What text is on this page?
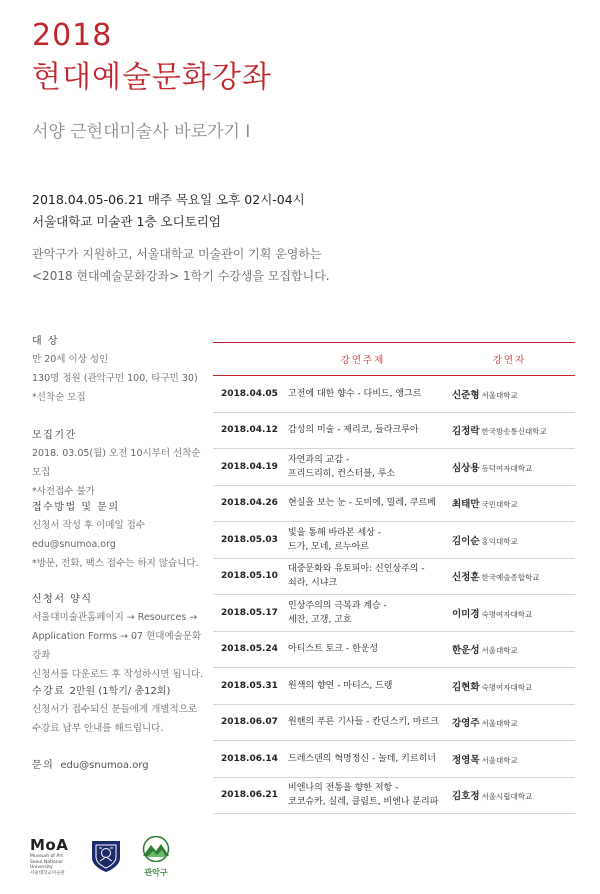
2018
현대예술문화강좌
서양 근현대미술사 바로가기 Ⅰ
2018.04.05-06.21 매주 목요일 오후 02시-04시
서울대학교 미술관 1층 오디토리엄
관악구가 지원하고, 서울대학교 미술관이 기획 운영하는
<2018 현대예술문화강좌> 1학기 수강생을 모집합니다.
대 상
만 20세 이상 성인
130명 정원 (관악구민 100, 타구민 30)
*선착순 모집
모집기간
2018. 03.05(월) 오전 10시부터 선착순 모집
*사전접수 불가
접수방법 및 문의
신청서 작성 후 이메일 접수
edu@snumoa.org
*방문, 전화, 팩스 접수는 하지 않습니다.
신청서 양식
서울대미술관홈페이지 → Resources →
Application Forms → 07 현대예술문화강좌
신청서를 다운로드 후 작성하시면 됩니다.
수강료 2만원 (1학기/ 총12회)
신청서가 접수되신 분들에게 개별적으로
수강료 납부 안내를 해드립니다.
문의 edu@snumoa.org
	강연주제	강연자
2018.04.05	고전에 대한 향수 - 다비드, 앵그르	신준형 서울대학교
2018.04.12	감성의 미술 - 제리코, 들라크루아	김정락 한국방송통신대학교
2018.04.19	자연과의 교감 -
프리드리히, 컨스터블, 루소	심상용 동덕여자대학교
2018.04.26	현실을 보는 눈 - 도미에, 밀레, 쿠르베	최태만 국민대학교
2018.05.03	빛을 통해 바라본 세상 -
드가, 모네, 르누아르	김이순 홍익대학교
2018.05.10	대중문화와 유토피아: 신인상주의 -
쇠라, 시냐크	신정훈 한국예술종합학교
2018.05.17	인상주의의 극복과 계승 -
세잔, 고갱, 고흐	이미경 숙명여자대학교
2018.05.24	아티스트 토크 - 한운성	한운성 서울대학교
2018.05.31	원색의 향연 - 마티스, 드랭	김현화 숙명여자대학교
2018.06.07	원핸의 푸른 기사들 - 칸딘스키, 마르크	강영주 서울대학교
2018.06.14	드레스덴의 혁명정신 - 놀데, 키르히너	정영목 서울대학교
2018.06.21	비엔나의 전통을 향한 저항 -
코코슈카, 실레, 클림트, 비엔나 분리파	김호정 서울시립대학교
MoA
Museum of Art
Seoul National University
서울대학교미술관	관악구
